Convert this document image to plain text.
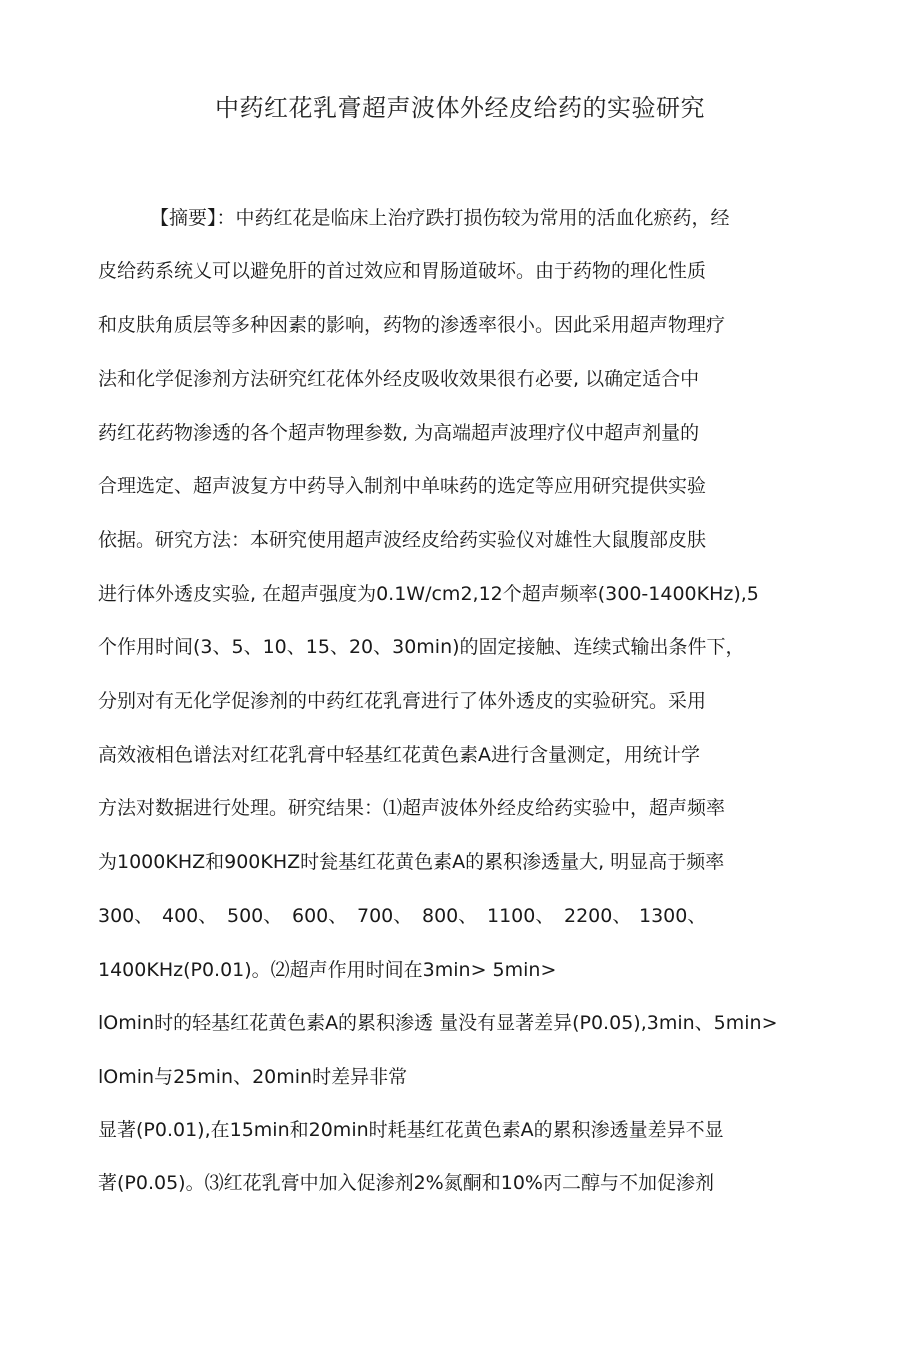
中药红花乳膏超声波体外经皮给药的实验研究
【摘要】：中药红花是临床上治疗跌打损伤较为常用的活血化瘀药，经
皮给药系统乂可以避免肝的首过效应和胃肠道破坏。由于药物的理化性质
和皮肤角质层等多种因素的影响，药物的渗透率很小。因此采用超声物理疗
法和化学促渗剂方法研究红花体外经皮吸收效果很冇必要, 以确定适合中
药红花药物渗透的各个超声物理参数, 为高端超声波理疗仪中超声剂量的
合理选定、超声波复方中药导入制剂中单味药的选定等应用研究提供实验
依据。研究方法：本研究使用超声波经皮给药实验仪对雄性大鼠腹部皮肤
进行体外透皮实验, 在超声强度为0.1W/cm2,12个超声频率(300-1400KHz),5
个作用时间(3、5、10、15、20、30min)的固定接触、连续式输出条件下，
分别对有无化学促渗剂的中药红花乳膏进行了体外透皮的实验研究。采用
高效液相色谱法对红花乳膏中轻基红花黄色素A进行含量测定，用统计学
方法对数据进行处理。研究结果：⑴超声波体外经皮给药实验中，超声频率
为1000KHZ和900KHZ时瓮基红花黄色素A的累积渗透量大, 明显高于频率
300、 400、 500、 600、 700、 800、 1100、 2200、 1300、
1400KHz(P0.01)。⑵超声作用时间在3min> 5min>
lOmin时的轻基红花黄色素A的累积渗透 量没有显著差异(P0.05),3min、5min>
lOmin与25min、20min时差异非常
显著(P0.01),在15min和20min时耗基红花黄色素A的累积渗透量差异不显
著(P0.05)。⑶红花乳膏中加入促渗剂2%氮酮和10%丙二醇与不加促渗剂
